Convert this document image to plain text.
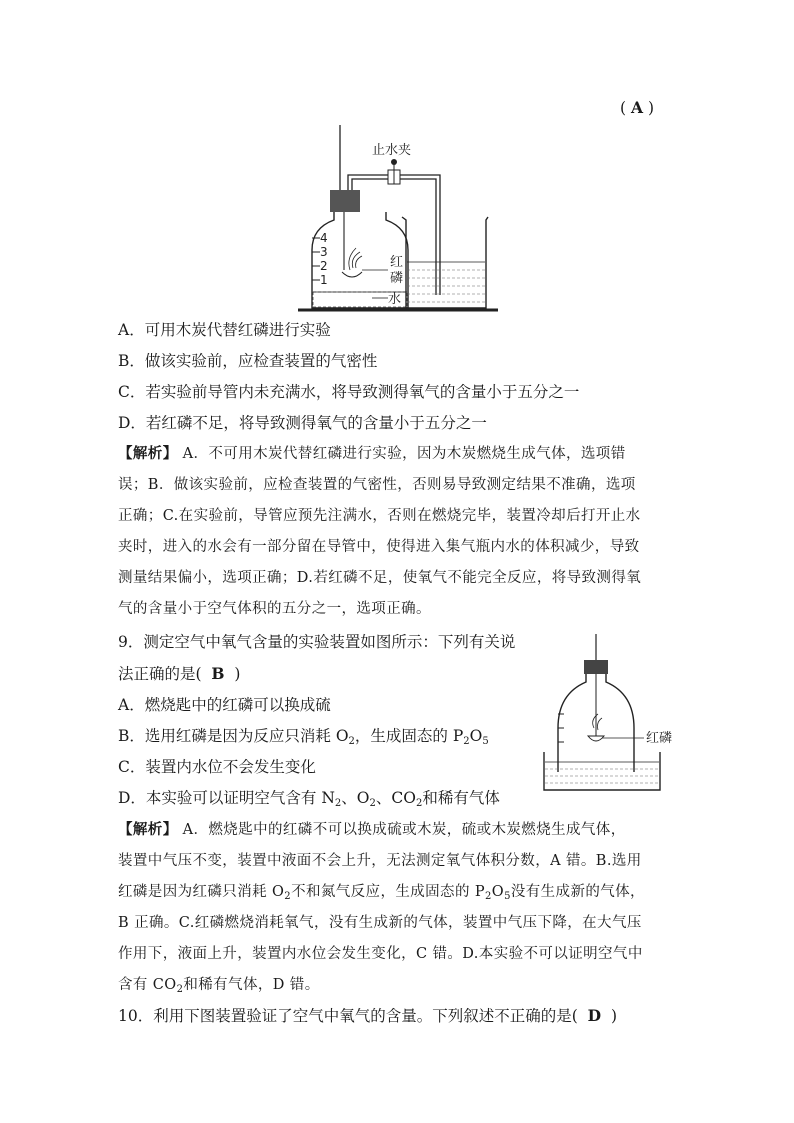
( A )
止水夹
4
3
2
1
红
磷
水
A．可用木炭代替红磷进行实验
B．做该实验前，应检查装置的气密性
C．若实验前导管内未充满水，将导致测得氧气的含量小于五分之一
D．若红磷不足，将导致测得氧气的含量小于五分之一
【解析】 A．不可用木炭代替红磷进行实验，因为木炭燃烧生成气体，选项错
误；B．做该实验前，应检查装置的气密性，否则易导致测定结果不准确，选项
正确；C.在实验前，导管应预先注满水，否则在燃烧完毕，装置冷却后打开止水
夹时，进入的水会有一部分留在导管中，使得进入集气瓶内水的体积减少，导致
测量结果偏小，选项正确；D.若红磷不足，使氧气不能完全反应，将导致测得氧
气的含量小于空气体积的五分之一，选项正确。
9．测定空气中氧气含量的实验装置如图所示：下列有关说
法正确的是( B )
A．燃烧匙中的红磷可以换成硫
B．选用红磷是因为反应只消耗 $O_2$，生成固态的 $P_2O_5$
C．装置内水位不会发生变化
D．本实验可以证明空气含有 $N_2$、$O_2$、$CO_2$和稀有气体
红磷
【解析】 A．燃烧匙中的红磷不可以换成硫或木炭，硫或木炭燃烧生成气体，
装置中气压不变，装置中液面不会上升，无法测定氧气体积分数，A 错。B.选用
红磷是因为红磷只消耗 $O_2$不和氮气反应，生成固态的 $P_2O_5$没有生成新的气体，
B 正确。C.红磷燃烧消耗氧气，没有生成新的气体，装置中气压下降，在大气压
作用下，液面上升，装置内水位会发生变化，C 错。D.本实验不可以证明空气中
含有 $CO_2$和稀有气体，D 错。
10．利用下图装置验证了空气中氧气的含量。下列叙述不正确的是( D )
